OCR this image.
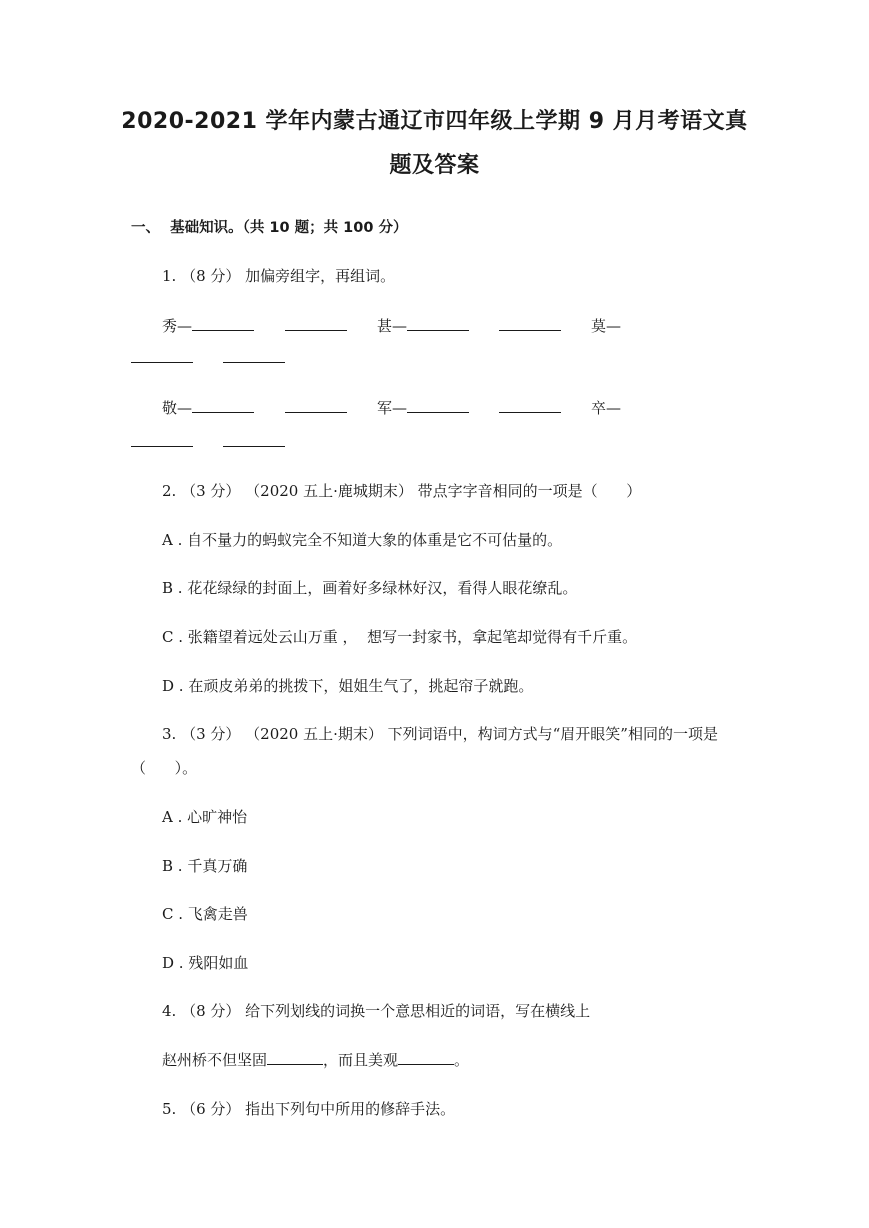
2020-2021 学年内蒙古通辽市四年级上学期 9 月月考语文真
题及答案
一、  基础知识。（共 10 题；共 100 分）
1. （8 分） 加偏旁组字，再组词。
秀—	甚—	莫—
敬—	军—	卒—
2. （3 分） （2020 五上·鹿城期末） 带点字字音相同的一项是（      ）
A . 自不量力的蚂蚁完全不知道大象的体重是它不可估量的。
B . 花花绿绿的封面上，画着好多绿林好汉，看得人眼花缭乱。
C . 张籍望着远处云山万重 ，  想写一封家书，拿起笔却觉得有千斤重。
D . 在顽皮弟弟的挑拨下，姐姐生气了，挑起帘子就跑。
3. （3 分） （2020 五上·期末） 下列词语中，构词方式与“眉开眼笑”相同的一项是
（      ）。
A . 心旷神怡
B . 千真万确
C . 飞禽走兽
D . 残阳如血
4. （8 分） 给下列划线的词换一个意思相近的词语，写在横线上
赵州桥不但坚固	，而且美观	。
5. （6 分） 指出下列句中所用的修辞手法。
